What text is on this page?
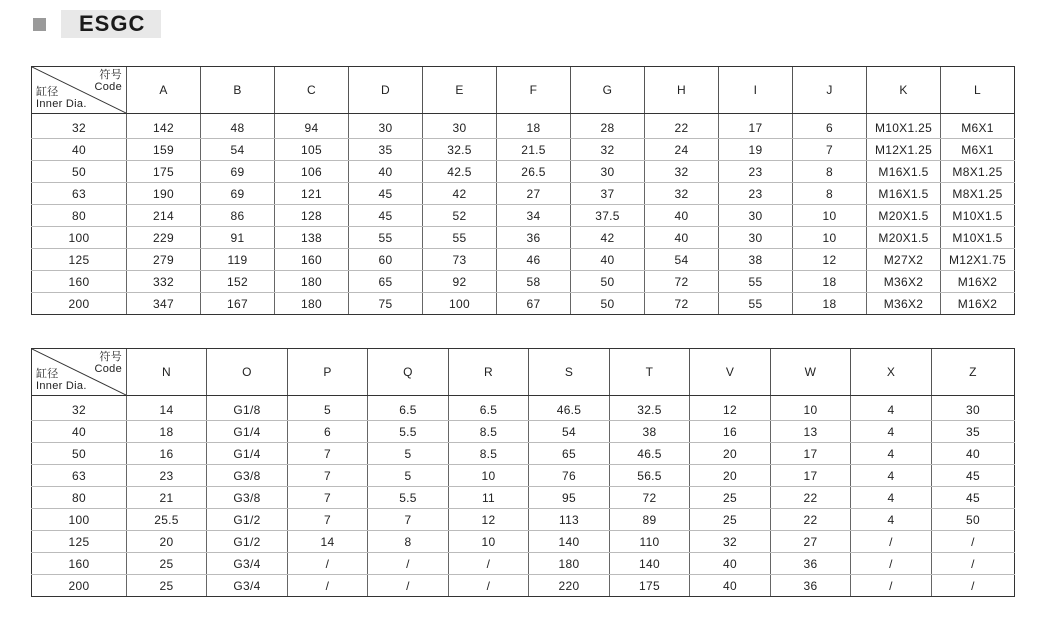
ESGC
符号
Code
缸径
Inner Dia.	A	B	C	D	E	F	G	H	I	J	K	L
32	142	48	94	30	30	18	28	22	17	6	M10X1.25	M6X1
40	159	54	105	35	32.5	21.5	32	24	19	7	M12X1.25	M6X1
50	175	69	106	40	42.5	26.5	30	32	23	8	M16X1.5	M8X1.25
63	190	69	121	45	42	27	37	32	23	8	M16X1.5	M8X1.25
80	214	86	128	45	52	34	37.5	40	30	10	M20X1.5	M10X1.5
100	229	91	138	55	55	36	42	40	30	10	M20X1.5	M10X1.5
125	279	119	160	60	73	46	40	54	38	12	M27X2	M12X1.75
160	332	152	180	65	92	58	50	72	55	18	M36X2	M16X2
200	347	167	180	75	100	67	50	72	55	18	M36X2	M16X2
符号
Code
缸径
Inner Dia.	N	O	P	Q	R	S	T	V	W	X	Z
32	14	G1/8	5	6.5	6.5	46.5	32.5	12	10	4	30
40	18	G1/4	6	5.5	8.5	54	38	16	13	4	35
50	16	G1/4	7	5	8.5	65	46.5	20	17	4	40
63	23	G3/8	7	5	10	76	56.5	20	17	4	45
80	21	G3/8	7	5.5	11	95	72	25	22	4	45
100	25.5	G1/2	7	7	12	113	89	25	22	4	50
125	20	G1/2	14	8	10	140	110	32	27	/	/
160	25	G3/4	/	/	/	180	140	40	36	/	/
200	25	G3/4	/	/	/	220	175	40	36	/	/
